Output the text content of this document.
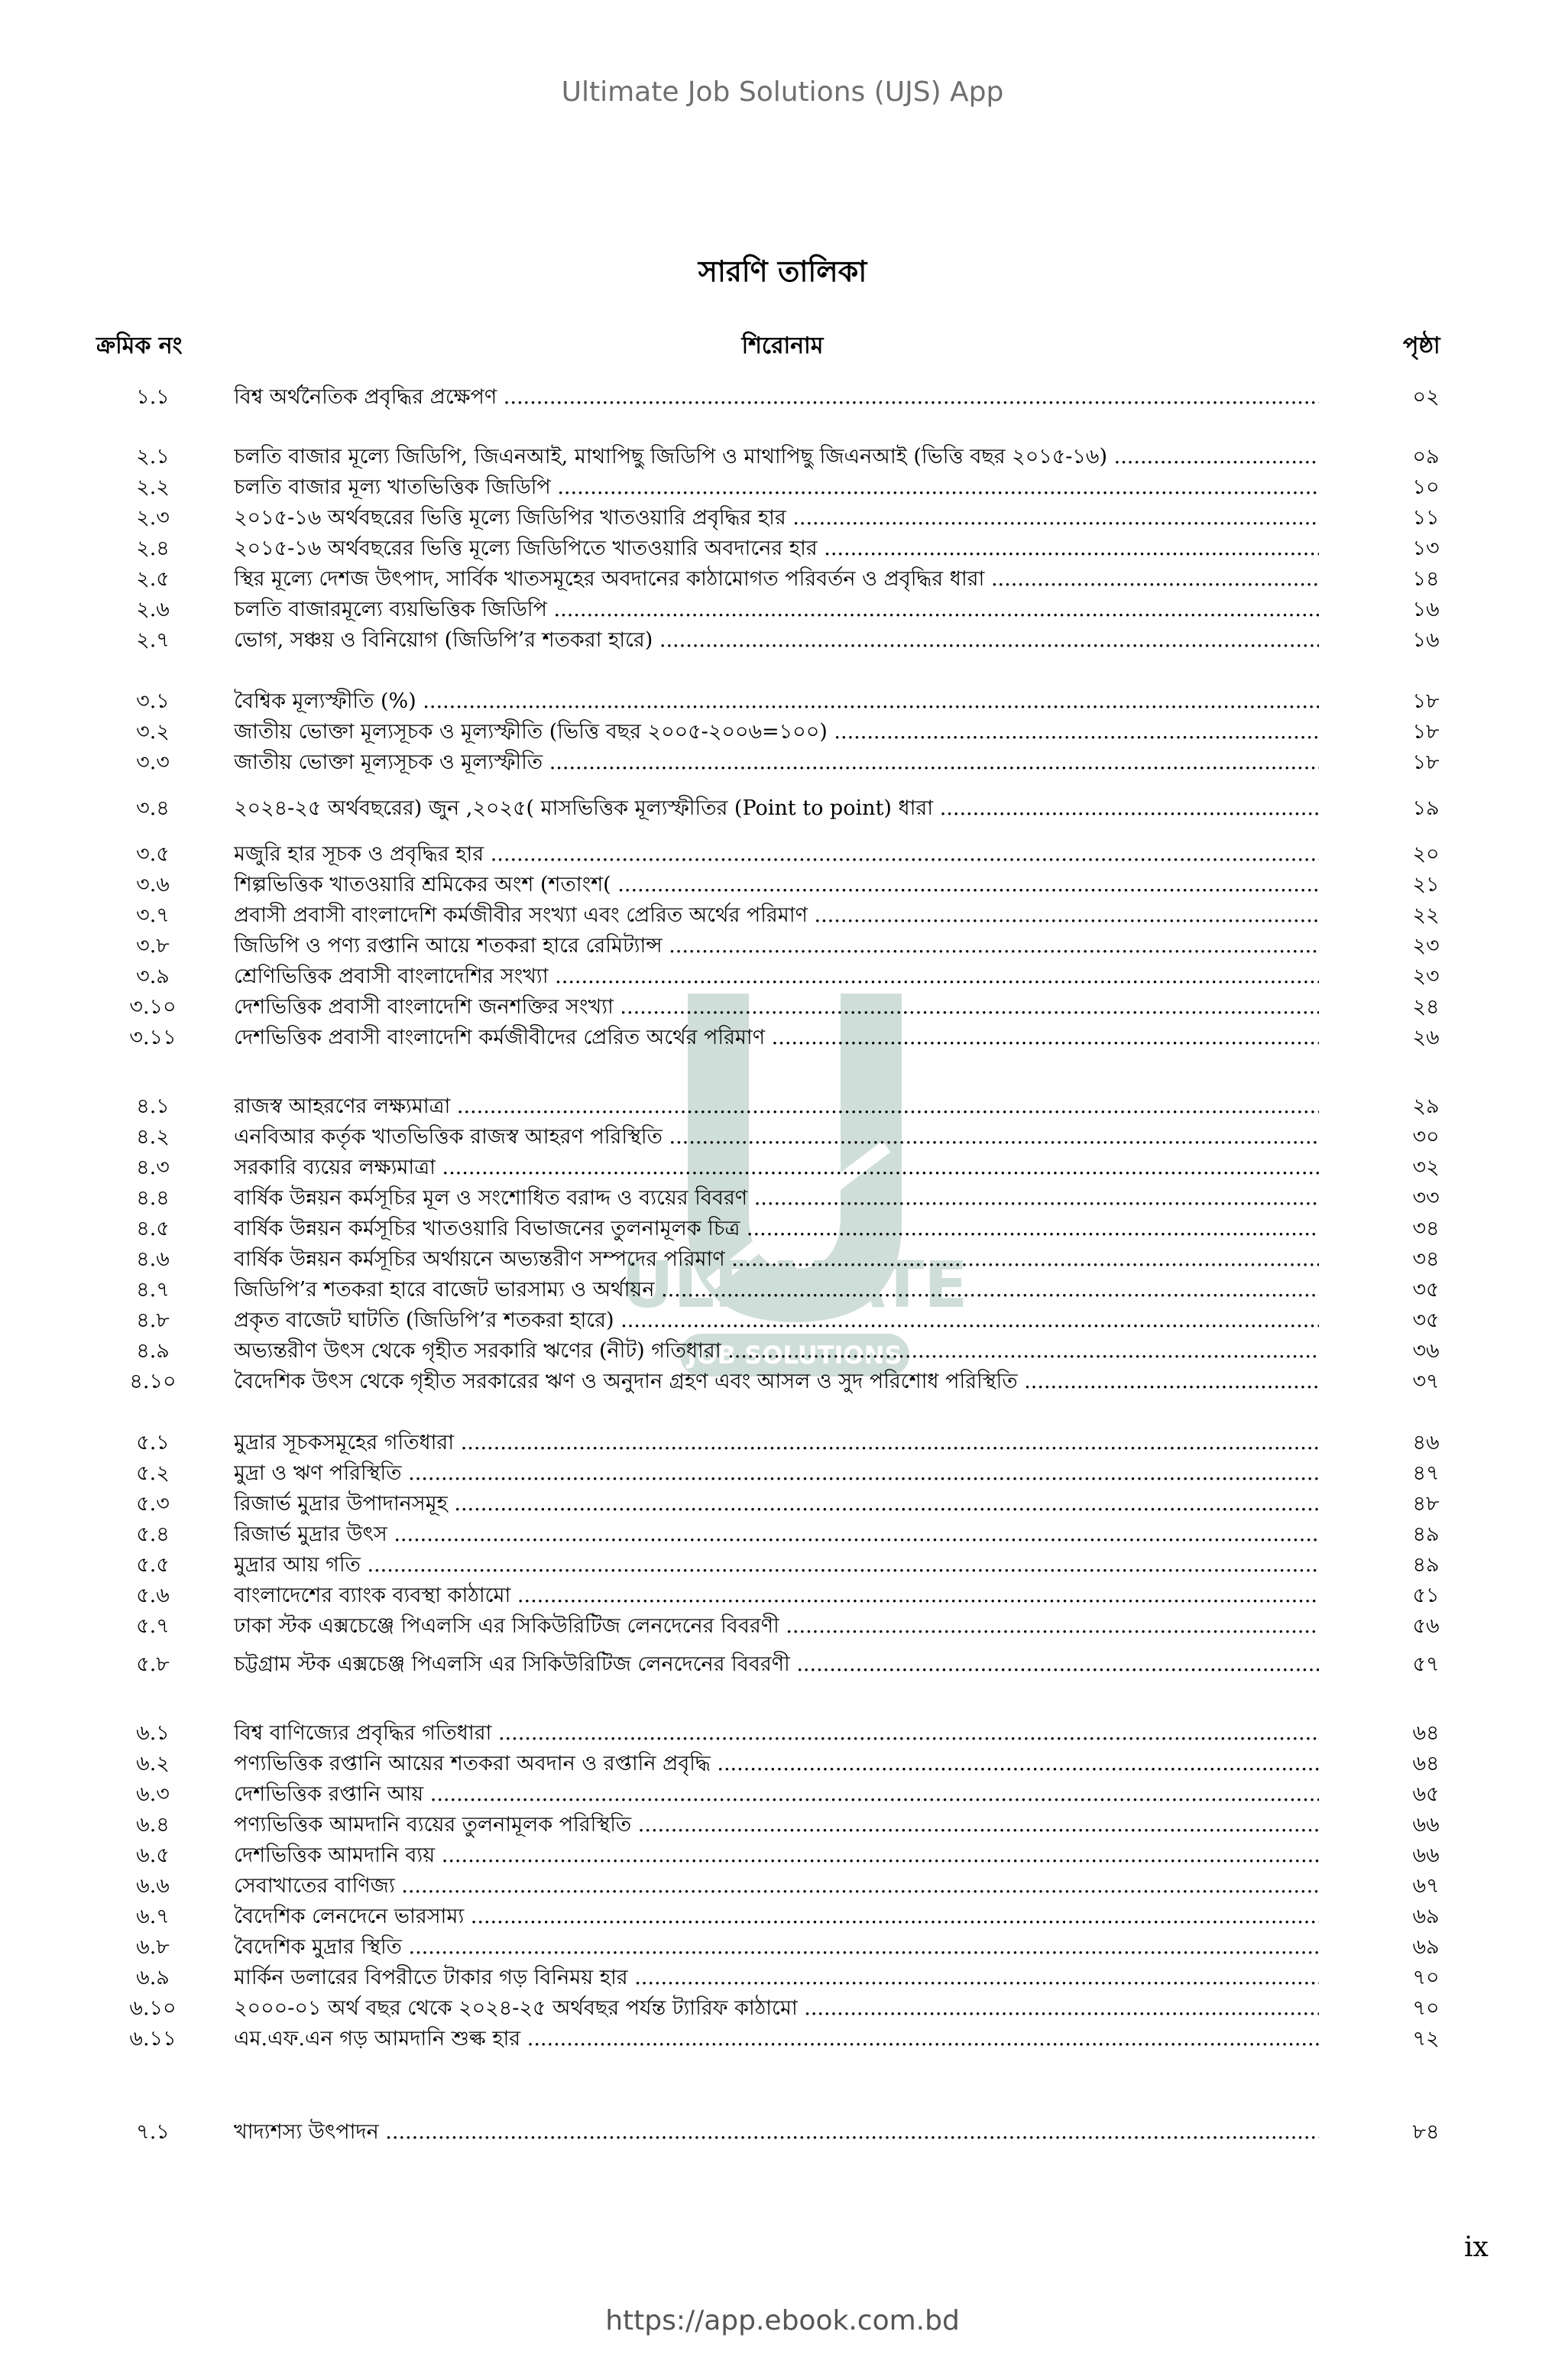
Ultimate Job Solutions (UJS) App
সারণি তালিকা
ক্রমিক নং	শিরোনাম	পৃষ্ঠা
ULTIMATE
JOB SOLUTIONS
১.১	বিশ্ব অর্থনৈতিক প্রবৃদ্ধির প্রক্ষেপণ .....	০২
২.১	চলতি বাজার মূল্যে জিডিপি, জিএনআই, মাথাপিছু জিডিপি ও মাথাপিছু জিএনআই (ভিত্তি বছর ২০১৫-১৬) .....	০৯
২.২	চলতি বাজার মূল্য খাতভিত্তিক জিডিপি .....	১০
২.৩	২০১৫-১৬ অর্থবছরের ভিত্তি মূল্যে জিডিপির খাতওয়ারি প্রবৃদ্ধির হার .....	১১
২.৪	২০১৫-১৬ অর্থবছরের ভিত্তি মূল্যে জিডিপিতে খাতওয়ারি অবদানের হার .....	১৩
২.৫	স্থির মূল্যে দেশজ উৎপাদ, সার্বিক খাতসমূহের অবদানের কাঠামোগত পরিবর্তন ও প্রবৃদ্ধির ধারা .....	১৪
২.৬	চলতি বাজারমূল্যে ব্যয়ভিত্তিক জিডিপি .....	১৬
২.৭	ভোগ, সঞ্চয় ও বিনিয়োগ (জিডিপি’র শতকরা হারে) .....	১৬
৩.১	বৈশ্বিক মূল্যস্ফীতি (%) .....	১৮
৩.২	জাতীয় ভোক্তা মূল্যসূচক ও মূল্যস্ফীতি (ভিত্তি বছর ২০০৫-২০০৬=১০০) .....	১৮
৩.৩	জাতীয় ভোক্তা মূল্যসূচক ও মূল্যস্ফীতি .....	১৮
৩.৪	২০২৪-২৫ অর্থবছরের) জুন ,২০২৫( মাসভিত্তিক মূল্যস্ফীতির (Point to point) ধারা .....	১৯
৩.৫	মজুরি হার সূচক ও প্রবৃদ্ধির হার .....	২০
৩.৬	শিল্পভিত্তিক খাতওয়ারি শ্রমিকের অংশ (শতাংশ( .....	২১
৩.৭	প্রবাসী প্রবাসী বাংলাদেশি কর্মজীবীর সংখ্যা এবং প্রেরিত অর্থের পরিমাণ .....	২২
৩.৮	জিডিপি ও পণ্য রপ্তানি আয়ে শতকরা হারে রেমিট্যান্স .....	২৩
৩.৯	শ্রেণিভিত্তিক প্রবাসী বাংলাদেশির সংখ্যা .....	২৩
৩.১০	দেশভিত্তিক প্রবাসী বাংলাদেশি জনশক্তির সংখ্যা .....	২৪
৩.১১	দেশভিত্তিক প্রবাসী বাংলাদেশি কর্মজীবীদের প্রেরিত অর্থের পরিমাণ .....	২৬
৪.১	রাজস্ব আহরণের লক্ষ্যমাত্রা .....	২৯
৪.২	এনবিআর কর্তৃক খাতভিত্তিক রাজস্ব আহরণ পরিস্থিতি .....	৩০
৪.৩	সরকারি ব্যয়ের লক্ষ্যমাত্রা .....	৩২
৪.৪	বার্ষিক উন্নয়ন কর্মসূচির মূল ও সংশোধিত বরাদ্দ ও ব্যয়ের বিবরণ .....	৩৩
৪.৫	বার্ষিক উন্নয়ন কর্মসূচির খাতওয়ারি বিভাজনের তুলনামূলক চিত্র .....	৩৪
৪.৬	বার্ষিক উন্নয়ন কর্মসূচির অর্থায়নে অভ্যন্তরীণ সম্পদের পরিমাণ .....	৩৪
৪.৭	জিডিপি’র শতকরা হারে বাজেট ভারসাম্য ও অর্থায়ন .....	৩৫
৪.৮	প্রকৃত বাজেট ঘাটতি (জিডিপি’র শতকরা হারে) .....	৩৫
৪.৯	অভ্যন্তরীণ উৎস থেকে গৃহীত সরকারি ঋণের (নীট) গতিধারা .....	৩৬
৪.১০	বৈদেশিক উৎস থেকে গৃহীত সরকারের ঋণ ও অনুদান গ্রহণ এবং আসল ও সুদ পরিশোধ পরিস্থিতি .....	৩৭
৫.১	মুদ্রার সূচকসমূহের গতিধারা .....	৪৬
৫.২	মুদ্রা ও ঋণ পরিস্থিতি .....	৪৭
৫.৩	রিজার্ভ মুদ্রার উপাদানসমূহ .....	৪৮
৫.৪	রিজার্ভ মুদ্রার উৎস .....	৪৯
৫.৫	মুদ্রার আয় গতি .....	৪৯
৫.৬	বাংলাদেশের ব্যাংক ব্যবস্থা কাঠামো .....	৫১
৫.৭	ঢাকা স্টক এক্সচেঞ্জে পিএলসি এর সিকিউরিটিজ লেনদেনের বিবরণী .....	৫৬
৫.৮	চট্টগ্রাম স্টক এক্সচেঞ্জ পিএলসি এর সিকিউরিটিজ লেনদেনের বিবরণী .....	৫৭
৬.১	বিশ্ব বাণিজ্যের প্রবৃদ্ধির গতিধারা .....	৬৪
৬.২	পণ্যভিত্তিক রপ্তানি আয়ের শতকরা অবদান ও রপ্তানি প্রবৃদ্ধি .....	৬৪
৬.৩	দেশভিত্তিক রপ্তানি আয় .....	৬৫
৬.৪	পণ্যভিত্তিক আমদানি ব্যয়ের তুলনামূলক পরিস্থিতি .....	৬৬
৬.৫	দেশভিত্তিক আমদানি ব্যয় .....	৬৬
৬.৬	সেবাখাতের বাণিজ্য .....	৬৭
৬.৭	বৈদেশিক লেনদেনে ভারসাম্য .....	৬৯
৬.৮	বৈদেশিক মুদ্রার স্থিতি .....	৬৯
৬.৯	মার্কিন ডলারের বিপরীতে টাকার গড় বিনিময় হার .....	৭০
৬.১০	২০০০-০১ অর্থ বছর থেকে ২০২৪-২৫ অর্থবছর পর্যন্ত ট্যারিফ কাঠামো .....	৭০
৬.১১	এম.এফ.এন গড় আমদানি শুল্ক হার .....	৭২
৭.১	খাদ্যশস্য উৎপাদন .....	৮৪
ix
https://app.ebook.com.bd
